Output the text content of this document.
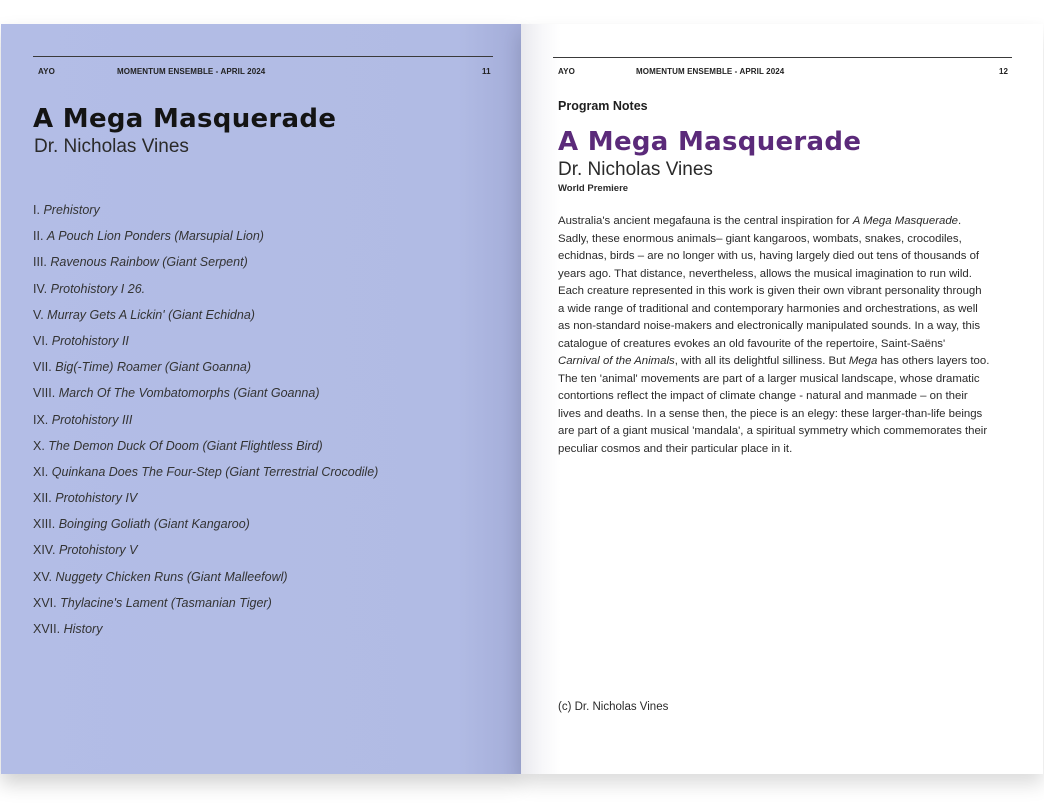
AYO	MOMENTUM ENSEMBLE - APRIL 2024	11
A Mega Masquerade
Dr. Nicholas Vines
I. Prehistory
II. A Pouch Lion Ponders (Marsupial Lion)
III. Ravenous Rainbow (Giant Serpent)
IV. Protohistory I 26.
V. Murray Gets A Lickin' (Giant Echidna)
VI. Protohistory II
VII. Big(-Time) Roamer (Giant Goanna)
VIII. March Of The Vombatomorphs (Giant Goanna)
IX. Protohistory III
X. The Demon Duck Of Doom (Giant Flightless Bird)
XI. Quinkana Does The Four-Step (Giant Terrestrial Crocodile)
XII. Protohistory IV
XIII. Boinging Goliath (Giant Kangaroo)
XIV. Protohistory V
XV. Nuggety Chicken Runs (Giant Malleefowl)
XVI. Thylacine's Lament (Tasmanian Tiger)
XVII. History
AYO	MOMENTUM ENSEMBLE - APRIL 2024	12
Program Notes
A Mega Masquerade
Dr. Nicholas Vines
World Premiere

Australia's ancient megafauna is the central inspiration for A Mega Masquerade. Sadly, these enormous animals– giant kangaroos, wombats, snakes, crocodiles, echidnas, birds – are no longer with us, having largely died out tens of thousands of years ago. That distance, nevertheless, allows the musical imagination to run wild. Each creature represented in this work is given their own vibrant personality through a wide range of traditional and contemporary harmonies and orchestrations, as well as non-standard noise-makers and electronically manipulated sounds. In a way, this catalogue of creatures evokes an old favourite of the repertoire, Saint-Saëns' Carnival of the Animals, with all its delightful silliness. But Mega has others layers too. The ten 'animal' movements are part of a larger musical landscape, whose dramatic contortions reflect the impact of climate change - natural and manmade – on their lives and deaths. In a sense then, the piece is an elegy: these larger-than-life beings are part of a giant musical 'mandala', a spiritual symmetry which commemorates their peculiar cosmos and their particular place in it.

(c) Dr. Nicholas Vines
